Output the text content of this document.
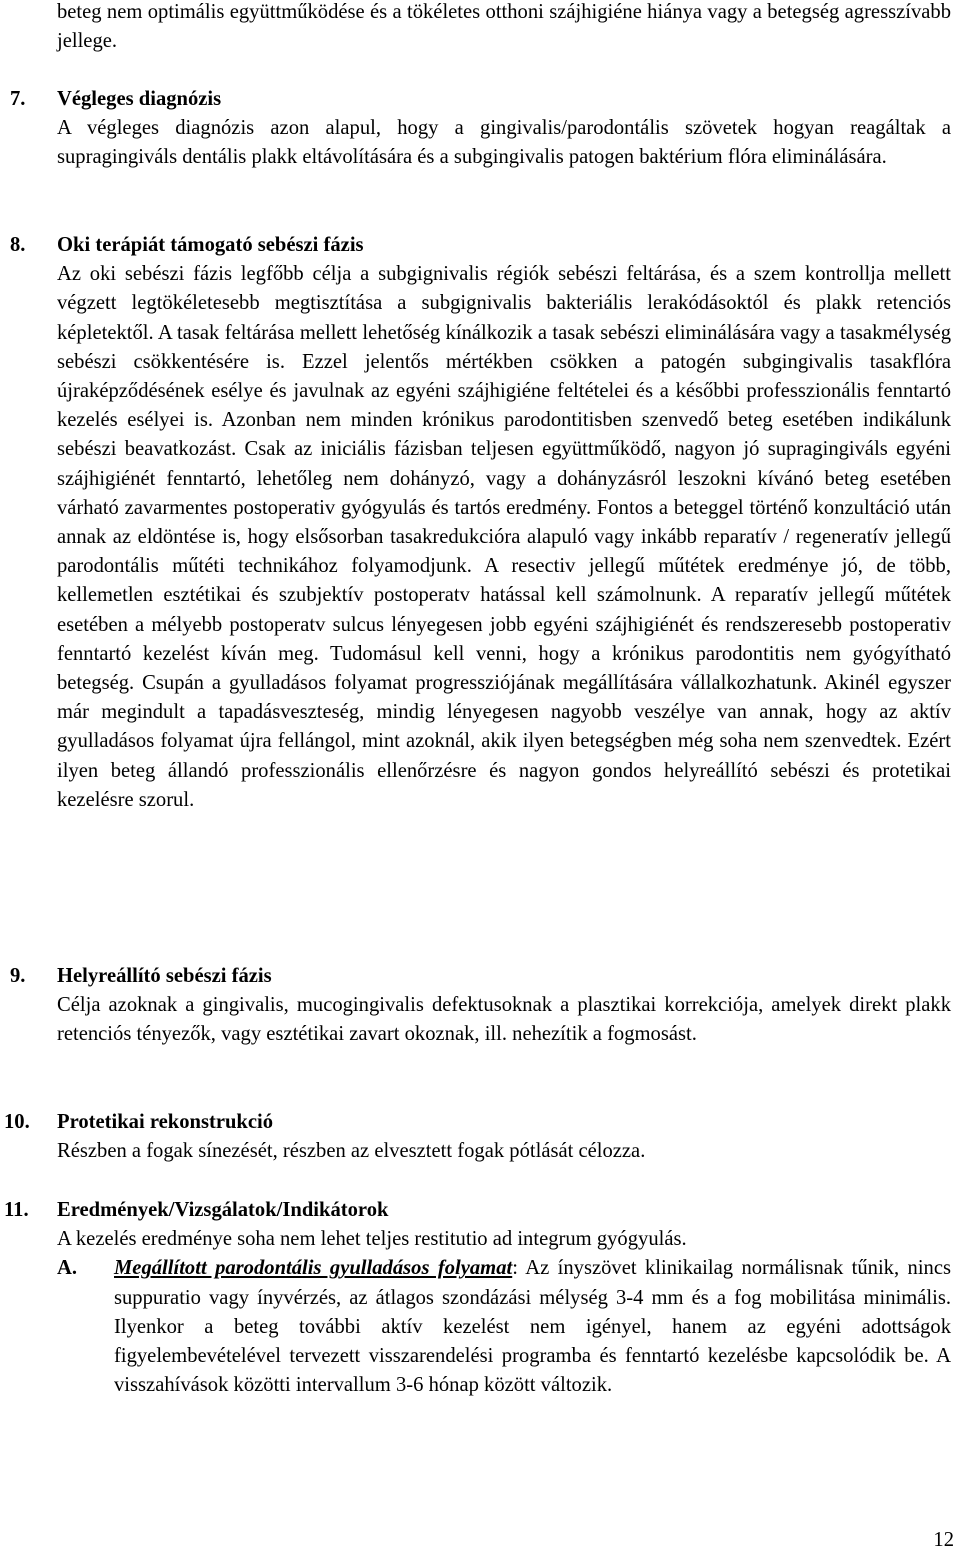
beteg nem optimális együttműködése és a tökéletes otthoni szájhigiéne hiánya vagy a betegség agresszívabb jellege.
7. Végleges diagnózis
A végleges diagnózis azon alapul, hogy a gingivalis/parodontális szövetek hogyan reagáltak a supragingiváls dentális plakk eltávolítására és a subgingivalis patogen baktérium flóra eliminálására.
8. Oki terápiát támogató sebészi fázis
Az oki sebészi fázis legfőbb célja a subgignivalis régiók sebészi feltárása, és a szem kontrollja mellett végzett legtökéletesebb megtisztítása a subgignivalis bakteriális lerakódásoktól és plakk retenciós képletektől. A tasak feltárása mellett lehetőség kínálkozik a tasak sebészi eliminálására vagy a tasakmélység sebészi csökkentésére is. Ezzel jelentős mértékben csökken a patogén subgingivalis tasakflóra újraképződésének esélye és javulnak az egyéni szájhigiéne feltételei és a későbbi professzionális fenntartó kezelés esélyei is. Azonban nem minden krónikus parodontitisben szenvedő beteg esetében indikálunk sebészi beavatkozást. Csak az iniciális fázisban teljesen együttműködő, nagyon jó supragingiváls egyéni szájhigiénét fenntartó, lehetőleg nem dohányzó, vagy a dohányzásról leszokni kívánó beteg esetében várható zavarmentes postoperativ gyógyulás és tartós eredmény. Fontos a beteggel történő konzultáció után annak az eldöntése is, hogy elsősorban tasakredukcióra alapuló vagy inkább reparatív / regeneratív jellegű parodontális műtéti technikához folyamodjunk. A resectiv jellegű műtétek eredménye jó, de több, kellemetlen esztétikai és szubjektív postoperatv hatással kell számolnunk. A reparatív jellegű műtétek esetében a mélyebb postoperatv sulcus lényegesen jobb egyéni szájhigiénét és rendszeresebb postoperativ fenntartó kezelést kíván meg. Tudomásul kell venni, hogy a krónikus parodontitis nem gyógyítható betegség. Csupán a gyulladásos folyamat progressziójának megállítására vállalkozhatunk. Akinél egyszer már megindult a tapadásveszteség, mindig lényegesen nagyobb veszélye van annak, hogy az aktív gyulladásos folyamat újra fellángol, mint azoknál, akik ilyen betegségben még soha nem szenvedtek. Ezért ilyen beteg állandó professzionális ellenőrzésre és nagyon gondos helyreállító sebészi és protetikai kezelésre szorul.
9. Helyreállító sebészi fázis
Célja azoknak a gingivalis, mucogingivalis defektusoknak a plasztikai korrekciója, amelyek direkt plakk retenciós tényezők, vagy esztétikai zavart okoznak, ill. nehezítik a fogmosást.
10. Protetikai rekonstrukció
Részben a fogak sínezését, részben az elvesztett fogak pótlását célozza.
11. Eredmények/Vizsgálatok/Indikátorok
A kezelés eredménye soha nem lehet teljes restitutio ad integrum gyógyulás.
A. Megállított parodontális gyulladásos folyamat: Az ínyszövet klinikailag normálisnak tűnik, nincs suppuratio vagy ínyvérzés, az átlagos szondázási mélység 3-4 mm és a fog mobilitása minimális. Ilyenkor a beteg további aktív kezelést nem igényel, hanem az egyéni adottságok figyelembevételével tervezett visszarendelési programba és fenntartó kezelésbe kapcsolódik be. A visszahívások közötti intervallum 3-6 hónap között változik.
12
